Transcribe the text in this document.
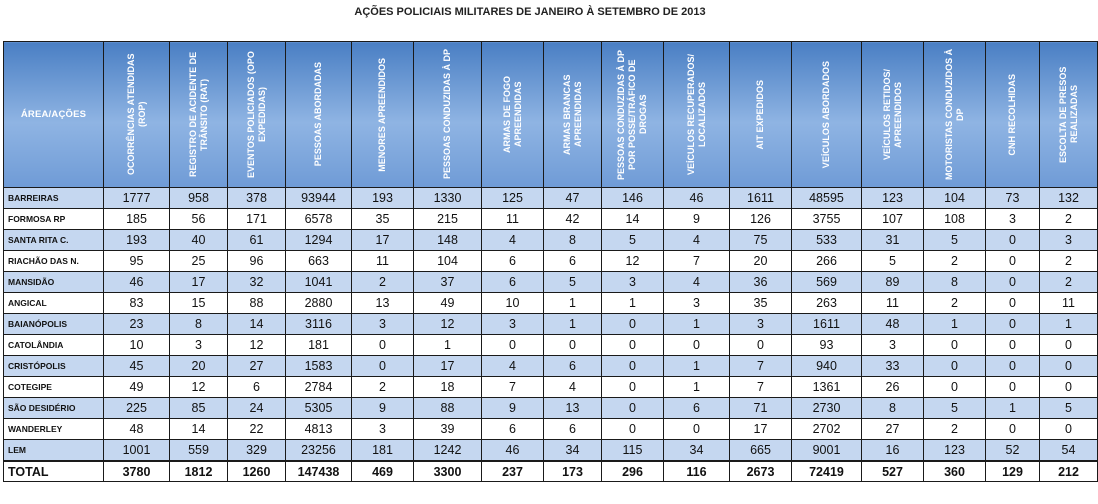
AÇÕES POLICIAIS MILITARES DE JANEIRO À SETEMBRO DE 2013
ÁREA/AÇÕES	OCORRÊNCIAS ATENDIDAS (ROP)	REGISTRO DE ACIDENTE DE TRÂNSITO (RAT)	EVENTOS POLICIADOS (OPO EXPEDIDAS)	PESSOAS ABORDADAS	MENORES APREENDIDOS	PESSOAS CONDUZIDAS À DP	ARMAS DE FOGO APREENDIDAS	ARMAS BRANCAS APREENDIDAS	PESSOAS CONDUZIDAS À DP POR POSSE/TRÁFICO DE DROGAS	VEÍCULOS RECUPERADOS/ LOCALIZADOS	AIT EXPEDIDOS	VEÍCULOS ABORDADOS	VEÍCULOS RETIDOS/ APREENDIDOS	MOTORISTAS CONDUZIDOS À DP	CNH RECOLHIDAS	ESCOLTA DE PRESOS REALIZADAS

BARREIRAS	1777	958	378	93944	193	1330	125	47	146	46	1611	48595	123	104	73	132
FORMOSA RP	185	56	171	6578	35	215	11	42	14	9	126	3755	107	108	3	2
SANTA RITA C.	193	40	61	1294	17	148	4	8	5	4	75	533	31	5	0	3
RIACHÃO DAS N.	95	25	96	663	11	104	6	6	12	7	20	266	5	2	0	2
MANSIDÃO	46	17	32	1041	2	37	6	5	3	4	36	569	89	8	0	2
ANGICAL	83	15	88	2880	13	49	10	1	1	3	35	263	11	2	0	11
BAIANÓPOLIS	23	8	14	3116	3	12	3	1	0	1	3	1611	48	1	0	1
CATOLÂNDIA	10	3	12	181	0	1	0	0	0	0	0	93	3	0	0	0
CRISTÓPOLIS	45	20	27	1583	0	17	4	6	0	1	7	940	33	0	0	0
COTEGIPE	49	12	6	2784	2	18	7	4	0	1	7	1361	26	0	0	0
SÃO DESIDÉRIO	225	85	24	5305	9	88	9	13	0	6	71	2730	8	5	1	5
WANDERLEY	48	14	22	4813	3	39	6	6	0	0	17	2702	27	2	0	0
LEM	1001	559	329	23256	181	1242	46	34	115	34	665	9001	16	123	52	54
TOTAL	3780	1812	1260	147438	469	3300	237	173	296	116	2673	72419	527	360	129	212
